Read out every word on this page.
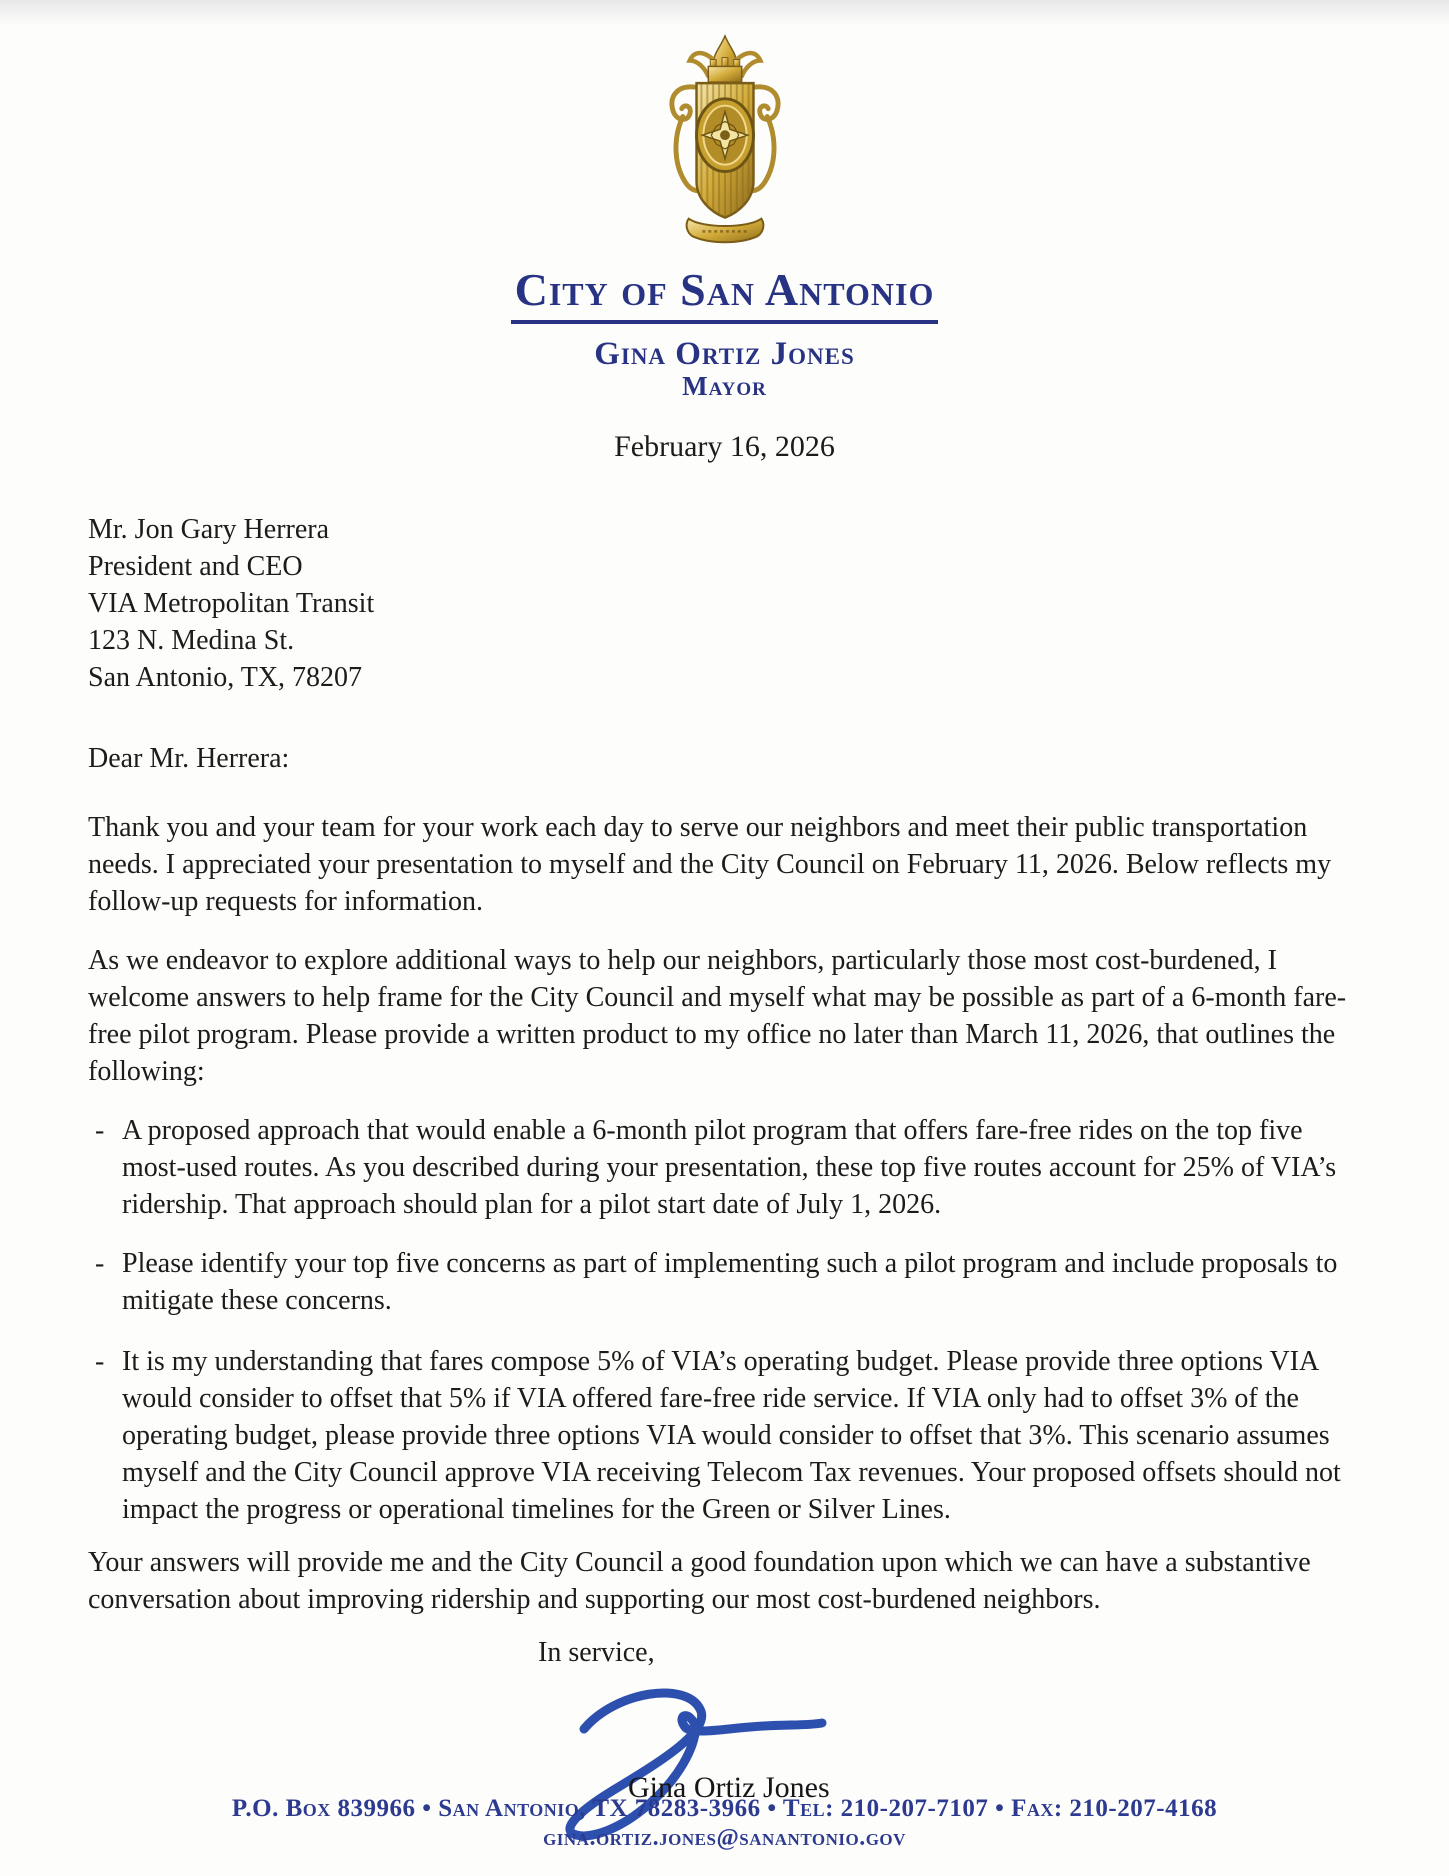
City of San Antonio
Gina Ortiz Jones
Mayor
February 16, 2026
Mr. Jon Gary Herrera
President and CEO
VIA Metropolitan Transit
123 N. Medina St.
San Antonio, TX, 78207
Dear Mr. Herrera:
Thank you and your team for your work each day to serve our neighbors and meet their public transportation needs. I appreciated your presentation to myself and the City Council on February 11, 2026. Below reflects my follow-up requests for information.
As we endeavor to explore additional ways to help our neighbors, particularly those most cost-burdened, I welcome answers to help frame for the City Council and myself what may be possible as part of a 6-month fare-free pilot program. Please provide a written product to my office no later than March 11, 2026, that outlines the following:
- A proposed approach that would enable a 6-month pilot program that offers fare-free rides on the top five most-used routes. As you described during your presentation, these top five routes account for 25% of VIA’s ridership. That approach should plan for a pilot start date of July 1, 2026.
- Please identify your top five concerns as part of implementing such a pilot program and include proposals to mitigate these concerns.
- It is my understanding that fares compose 5% of VIA’s operating budget. Please provide three options VIA would consider to offset that 5% if VIA offered fare-free ride service. If VIA only had to offset 3% of the operating budget, please provide three options VIA would consider to offset that 3%. This scenario assumes myself and the City Council approve VIA receiving Telecom Tax revenues. Your proposed offsets should not impact the progress or operational timelines for the Green or Silver Lines.
Your answers will provide me and the City Council a good foundation upon which we can have a substantive conversation about improving ridership and supporting our most cost-burdened neighbors.
In service,
Gina Ortiz Jones
P.O. Box 839966 • San Antonio, TX 78283-3966 • Tel: 210-207-7107 • Fax: 210-207-4168
gina.ortiz.jones@sanantonio.gov
